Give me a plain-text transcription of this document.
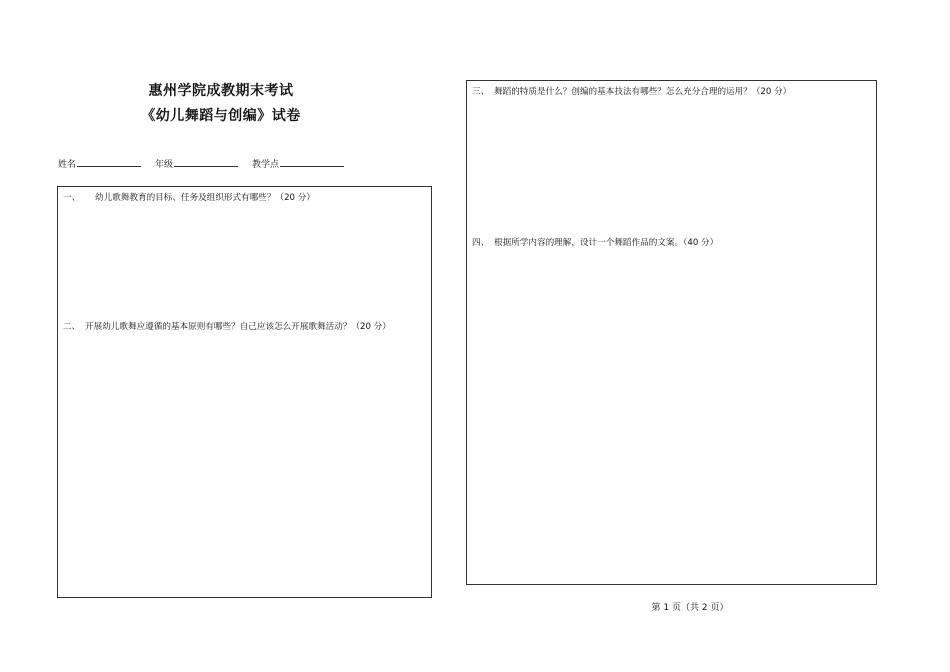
惠州学院成教期末考试
《幼儿舞蹈与创编》试卷
姓名	年级	教学点
一、	幼儿歌舞教育的目标、任务及组织形式有哪些？（20 分）
二、 开展幼儿歌舞应遵循的基本原则有哪些？自己应该怎么开展歌舞活动？（20 分）
三、 舞蹈的特质是什么？创编的基本技法有哪些？怎么充分合理的运用？（20 分）
四、 根据所学内容的理解，设计一个舞蹈作品的文案。（40 分）
第 1 页（共 2 页）
